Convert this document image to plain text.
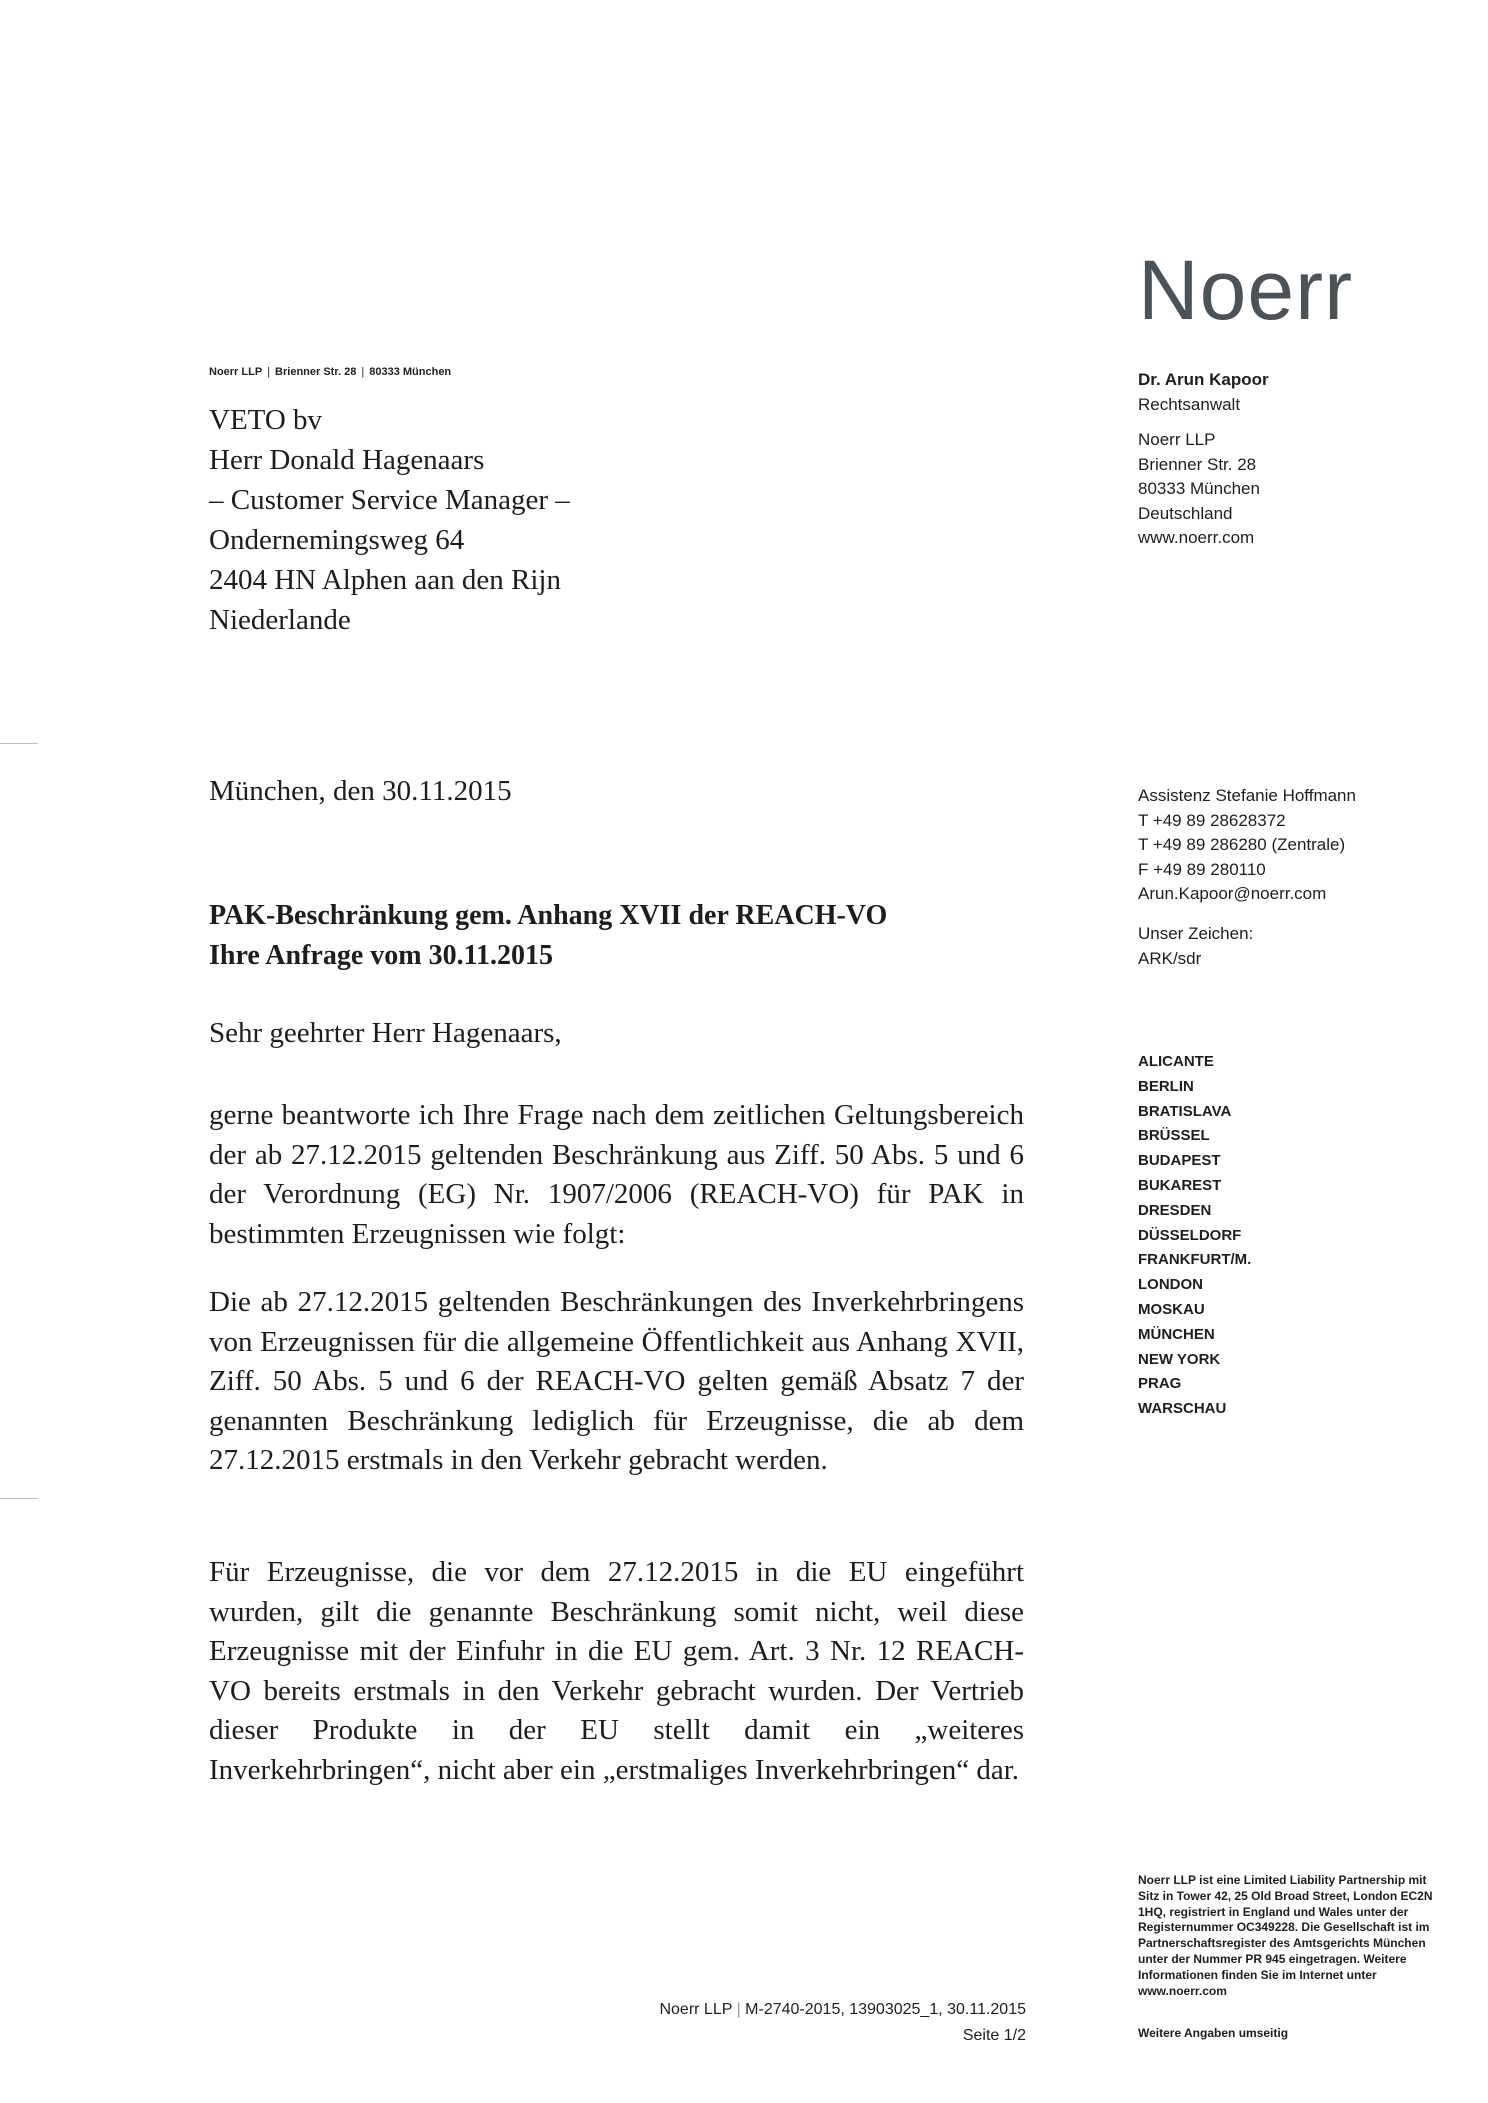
Noerr
Noerr LLP | Brienner Str. 28 | 80333 München
VETO bv
Herr Donald Hagenaars
– Customer Service Manager –
Ondernemingsweg 64
2404 HN Alphen aan den Rijn
Niederlande
Dr. Arun Kapoor
Rechtsanwalt
Noerr LLP
Brienner Str. 28
80333 München
Deutschland
www.noerr.com
Assistenz Stefanie Hoffmann
T +49 89 28628372
T +49 89 286280 (Zentrale)
F +49 89 280110
Arun.Kapoor@noerr.com
Unser Zeichen:
ARK/sdr
ALICANTE
BERLIN
BRATISLAVA
BRÜSSEL
BUDAPEST
BUKAREST
DRESDEN
DÜSSELDORF
FRANKFURT/M.
LONDON
MOSKAU
MÜNCHEN
NEW YORK
PRAG
WARSCHAU
München, den 30.11.2015
PAK-Beschränkung gem. Anhang XVII der REACH-VO
Ihre Anfrage vom 30.11.2015
Sehr geehrter Herr Hagenaars,
gerne beantworte ich Ihre Frage nach dem zeitlichen Geltungsbereich der ab 27.12.2015 geltenden Beschränkung aus Ziff. 50 Abs. 5 und 6 der Verordnung (EG) Nr. 1907/2006 (REACH-VO) für PAK in bestimmten Erzeugnissen wie folgt:
Die ab 27.12.2015 geltenden Beschränkungen des Inverkehrbringens von Erzeugnissen für die allgemeine Öffentlichkeit aus Anhang XVII, Ziff. 50 Abs. 5 und 6 der REACH-VO gelten gemäß Absatz 7 der genannten Beschränkung lediglich für Erzeugnisse, die ab dem 27.12.2015 erstmals in den Verkehr gebracht werden.
Für Erzeugnisse, die vor dem 27.12.2015 in die EU eingeführt wurden, gilt die genannte Beschränkung somit nicht, weil diese Erzeugnisse mit der Einfuhr in die EU gem. Art. 3 Nr. 12 REACH-VO bereits erstmals in den Verkehr gebracht wurden. Der Vertrieb dieser Produkte in der EU stellt damit ein „weiteres Inverkehrbringen“, nicht aber ein „erstmaliges Inverkehrbringen“ dar.
Noerr LLP ist eine Limited Liability Partnership mit Sitz in Tower 42, 25 Old Broad Street, London EC2N 1HQ, registriert in England und Wales unter der Registernummer OC349228. Die Gesellschaft ist im Partnerschaftsregister des Amtsgerichts München unter der Nummer PR 945 eingetragen. Weitere Informationen finden Sie im Internet unter www.noerr.com
Weitere Angaben umseitig
Noerr LLP | M-2740-2015, 13903025_1, 30.11.2015
Seite 1/2
